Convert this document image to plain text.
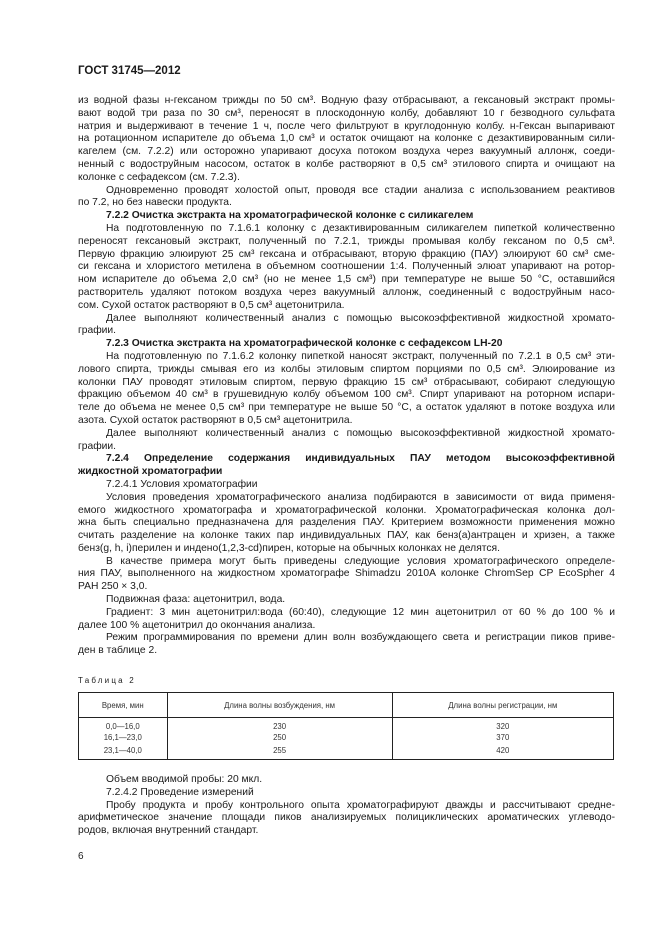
ГОСТ 31745—2012
из водной фазы н-гексаном трижды по 50 см³. Водную фазу отбрасывают, а гексановый экстракт промы-
вают водой три раза по 30 см³, переносят в плоскодонную колбу, добавляют 10 г безводного сульфата
натрия и выдерживают в течение 1 ч, после чего фильтруют в круглодонную колбу. н-Гексан выпаривают
на ротационном испарителе до объема 1,0 см³ и остаток очищают на колонке с дезактивированным сили-
кагелем (см. 7.2.2) или осторожно упаривают досуха потоком воздуха через вакуумный аллонж, соеди-
ненный с водоструйным насосом, остаток в колбе растворяют в 0,5 см³ этилового спирта и очищают на
колонке с сефадексом (см. 7.2.3).
Одновременно проводят холостой опыт, проводя все стадии анализа с использованием реактивов
по 7.2, но без навески продукта.
7.2.2 Очистка экстракта на хроматографической колонке с силикагелем
На подготовленную по 7.1.6.1 колонку с дезактивированным силикагелем пипеткой количественно
переносят гексановый экстракт, полученный по 7.2.1, трижды промывая колбу гексаном по 0,5 см³.
Первую фракцию элюируют 25 см³ гексана и отбрасывают, вторую фракцию (ПАУ) элюируют 60 см³ сме-
си гексана и хлористого метилена в объемном соотношении 1:4. Полученный элюат упаривают на ротор-
ном испарителе до объема 2,0 см³ (но не менее 1,5 см³) при температуре не выше 50 °С, оставшийся
растворитель удаляют потоком воздуха через вакуумный аллонж, соединенный с водоструйным насо-
сом. Сухой остаток растворяют в 0,5 см³ ацетонитрила.
Далее выполняют количественный анализ с помощью высокоэффективной жидкостной хромато-
графии.
7.2.3 Очистка экстракта на хроматографической колонке с сефадексом LH-20
На подготовленную по 7.1.6.2 колонку пипеткой наносят экстракт, полученный по 7.2.1 в 0,5 см³ эти-
лового спирта, трижды смывая его из колбы этиловым спиртом порциями по 0,5 см³. Элюирование из
колонки ПАУ проводят этиловым спиртом, первую фракцию 15 см³ отбрасывают, собирают следующую
фракцию объемом 40 см³ в грушевидную колбу объемом 100 см³. Спирт упаривают на роторном испари-
теле до объема не менее 0,5 см³ при температуре не выше 50 °С, а остаток удаляют в потоке воздуха или
азота. Сухой остаток растворяют в 0,5 см³ ацетонитрила.
Далее выполняют количественный анализ с помощью высокоэффективной жидкостной хромато-
графии.
7.2.4 Определение содержания индивидуальных ПАУ методом высокоэффективной
жидкостной хроматографии
7.2.4.1 Условия хроматографии
Условия проведения хроматографического анализа подбираются в зависимости от вида применя-
емого жидкостного хроматографа и хроматографической колонки. Хроматографическая колонка дол-
жна быть специально предназначена для разделения ПАУ. Критерием возможности применения можно
считать разделение на колонке таких пар индивидуальных ПАУ, как бенз(а)антрацен и хризен, а также
бенз(g, h, i)перилен и индено(1,2,3-cd)пирен, которые на обычных колонках не делятся.
В качестве примера могут быть приведены следующие условия хроматографического определе-
ния ПАУ, выполненного на жидкостном хроматографе Shimadzu 2010A колонке ChromSep CP EcoSpher 4
PAH 250 × 3,0.
Подвижная фаза: ацетонитрил, вода.
Градиент: 3 мин ацетонитрил:вода (60:40), следующие 12 мин ацетонитрил от 60 % до 100 % и
далее 100 % ацетонитрил до окончания анализа.
Режим программирования по времени длин волн возбуждающего света и регистрации пиков приве-
ден в таблице 2.
Таблица 2
Время, мин	Длина волны возбуждения, нм	Длина волны регистрации, нм
0,0—16,0	230	320
16,1—23,0	250	370
23,1—40,0	255	420
Объем вводимой пробы: 20 мкл.
7.2.4.2 Проведение измерений
Пробу продукта и пробу контрольного опыта хроматографируют дважды и рассчитывают средне-
арифметическое значение площади пиков анализируемых полициклических ароматических углеводо-
родов, включая внутренний стандарт.
6
